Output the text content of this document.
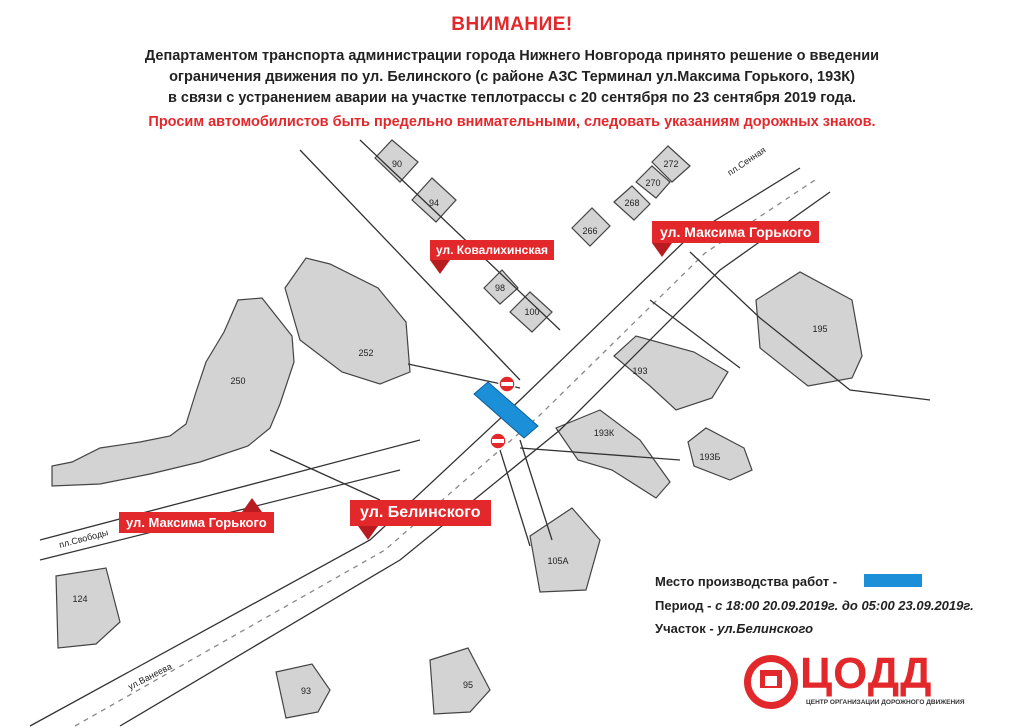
90
94
272
270
268
266
98
100
195
193
193К
193Б
252
250
105А
124
93
95
пл.Свободы
ул.Ванеева
пл.Сенная
ВНИМАНИЕ!
Департаментом транспорта администрации города Нижнего Новгорода принято решение о введении
ограничения движения по ул. Белинского (с районе АЗС Терминал ул.Максима Горького, 193К)
в связи с устранением аварии на участке теплотрассы с 20 сентября по 23 сентября 2019 года.
Просим автомобилистов быть предельно внимательными, следовать указаниям дорожных знаков.
ул. Ковалихинская
ул. Максима Горького
ул. Максима Горького
ул. Белинского
Место производства работ -
Период - с 18:00 20.09.2019г. до 05:00 23.09.2019г.
Участок - ул.Белинского
ЦОДД
ЦЕНТР ОРГАНИЗАЦИИ ДОРОЖНОГО ДВИЖЕНИЯ
